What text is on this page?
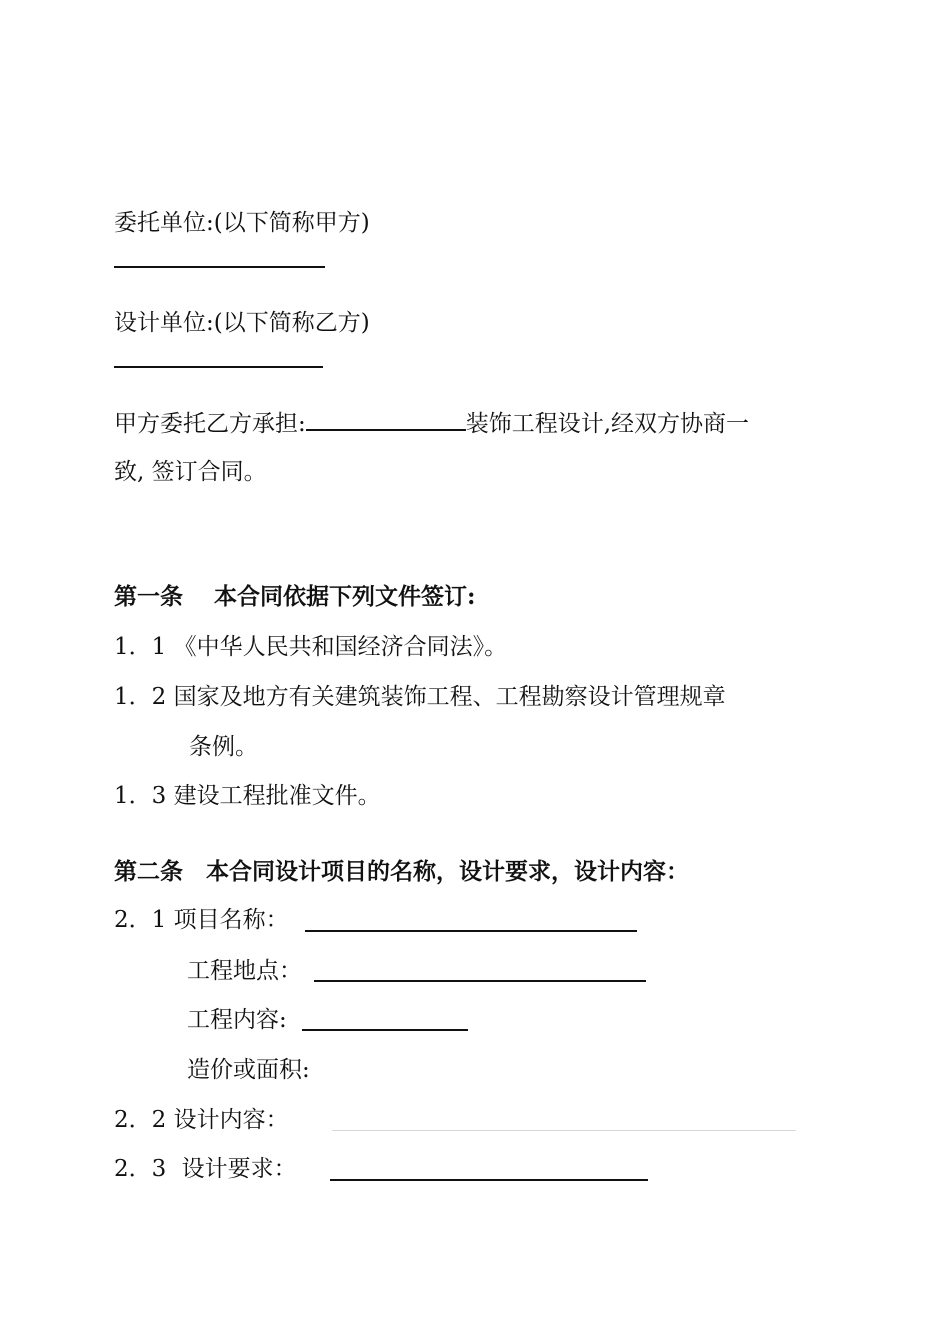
委托单位:(以下简称甲方)
设计单位:(以下简称乙方)
甲方委托乙方承担:	装饰工程设计,经双方协商一
致, 签订合同。
第一条　 本合同依据下列文件签订:
1．1 《中华人民共和国经济合同法》。
1．2 国家及地方有关建筑装饰工程、工程勘察设计管理规章
条例。
1．3 建设工程批准文件。
第二条　本合同设计项目的名称，设计要求，设计内容：
2．1 项目名称：
工程地点：
工程内容:
造价或面积:
2．2 设计内容：
2．3 设计要求：
